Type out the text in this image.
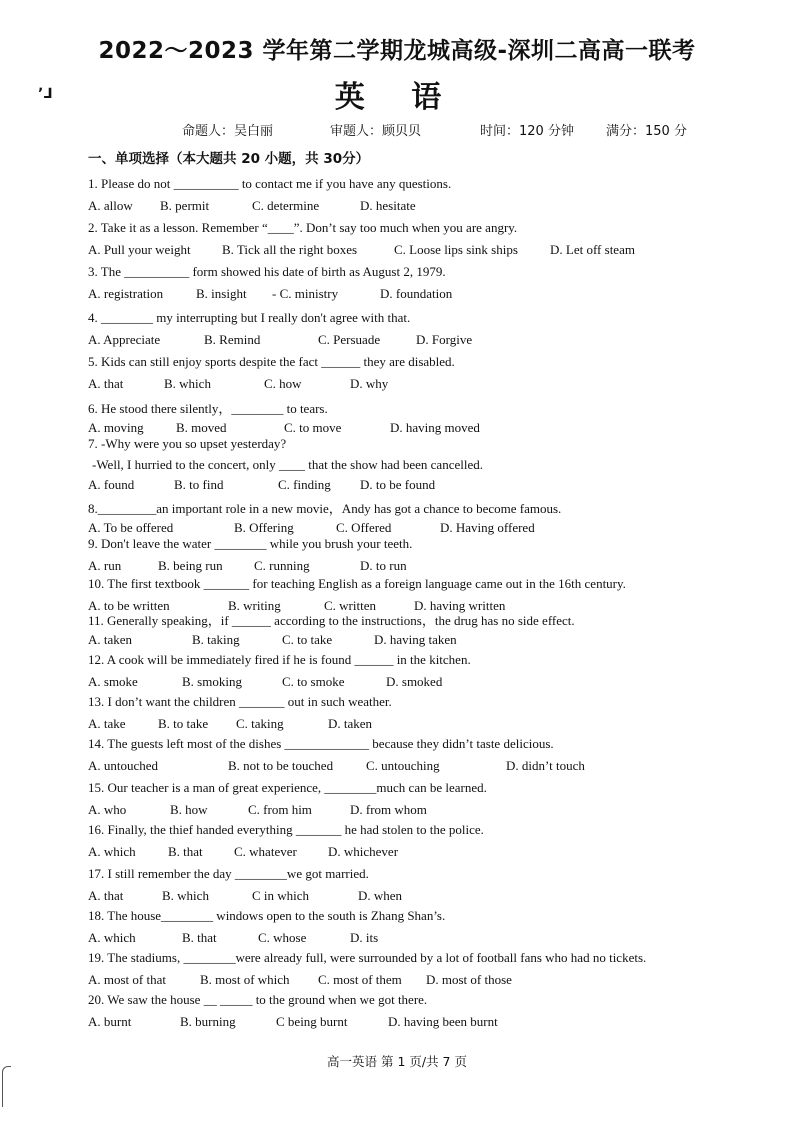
2022～2023 学年第二学期龙城高级-深圳二高高一联考
ʼ⅃	英 语
命题人：吴白丽	审题人：顾贝贝	时间：120 分钟 满分：150 分
一、单项选择（本大题共 20 小题，共 30分）
1. Please do not __________ to contact me if you have any questions.
A. allow B. permit	C. determine	D. hesitate
2. Take it as a lesson. Remember “____”. Don’t say too much when you are angry.
A. Pull your weight B. Tick all the right boxes	C. Loose lips sink ships D. Let off steam
3. The __________ form showed his date of birth as August 2, 1979.
A. registration	B. insight - C. ministry	D. foundation
4. ________ my interrupting but I really don't agree with that.
A. Appreciate	B. Remind	C. Persuade	D. Forgive
5. Kids can still enjoy sports despite the fact ______ they are disabled.
A. that	B. which	C. how	D. why
6. He stood there silently，________ to tears.
A. moving B. moved	C. to move	D. having moved
7. -Why were you so upset yesterday?
-Well, I hurried to the concert, only ____ that the show had been cancelled.
A. found	B. to find	C. finding D. to be found
8._________an important role in a new movie，Andy has got a chance to become famous.
A. To be offered	B. Offering	C. Offered	D. Having offered
9. Don't leave the water ________ while you brush your teeth.
A. run	B. being run C. running	D. to run
10. The first textbook _______ for teaching English as a foreign language came out in the 16th century.
A. to be written	B. writing	C. written	D. having written
11. Generally speaking，if ______ according to the instructions，the drug has no side effect.
A. taken	B. taking	C. to take	D. having taken
12. A cook will be immediately fired if he is found ______ in the kitchen.
A. smoke	B. smoking	C. to smoke	D. smoked
13. I don’t want the children _______ out in such weather.
A. take B. to take C. taking	D. taken
14. The guests left most of the dishes _____________ because they didn’t taste delicious.
A. untouched	B. not to be touched	C. untouching	D. didn’t touch
15. Our teacher is a man of great experience, ________much can be learned.
A. who	B. how	C. from him	D. from whom
16. Finally, the thief handed everything _______ he had stolen to the police.
A. which B. that C. whatever D. whichever
17. I still remember the day ________we got married.
A. that	B. which	C in which	D. when
18. The house________ windows open to the south is Zhang Shan’s.
A. which	B. that	C. whose	D. its
19. The stadiums, ________were already full, were surrounded by a lot of football fans who had no tickets.
A. most of that	B. most of which C. most of them D. most of those
20. We saw the house __ _____ to the ground when we got there.
A. burnt	B. burning	C being burnt	D. having been burnt
高一英语 第 1 页/共 7 页
